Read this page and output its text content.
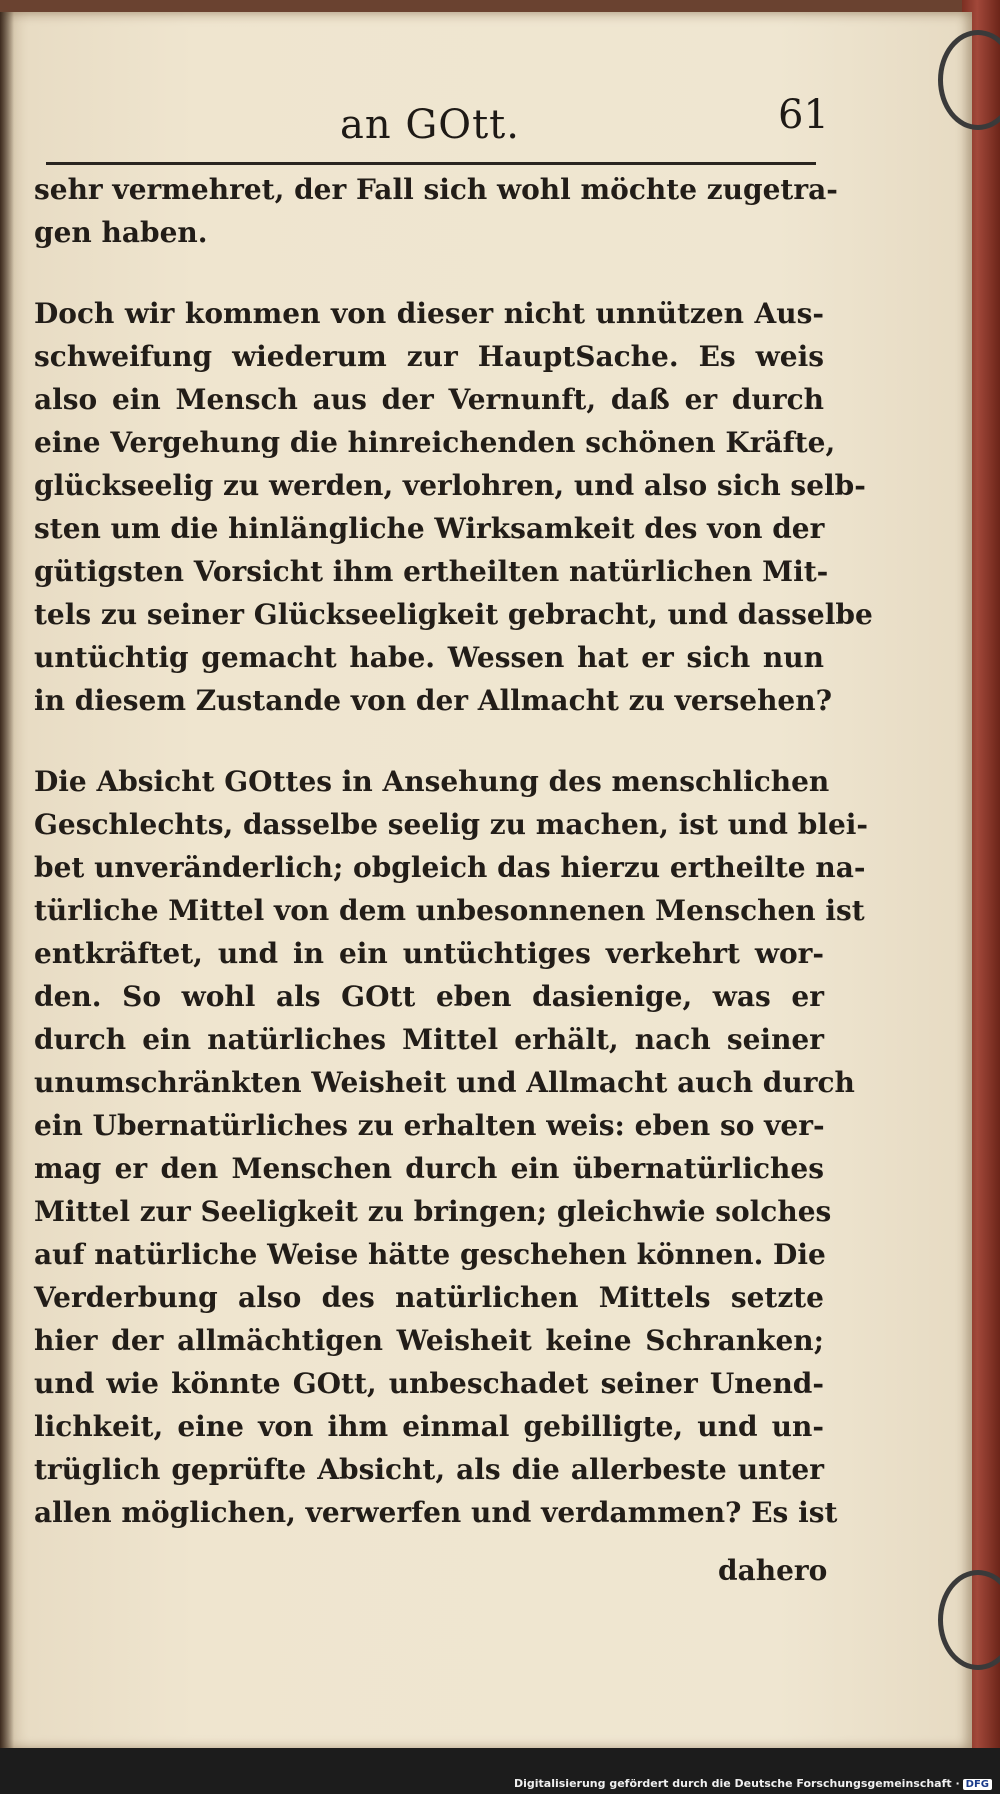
an GOtt.	61
sehr vermehret, der Fall sich wohl möchte zugetra-
gen haben.
Doch wir kommen von dieser nicht unnützen Aus-
schweifung wiederum zur HauptSache. Es weis
also ein Mensch aus der Vernunft, daß er durch
eine Vergehung die hinreichenden schönen Kräfte,
glückseelig zu werden, verlohren, und also sich selb-
sten um die hinlängliche Wirksamkeit des von der
gütigsten Vorsicht ihm ertheilten natürlichen Mit-
tels zu seiner Glückseeligkeit gebracht, und dasselbe
untüchtig gemacht habe. Wessen hat er sich nun
in diesem Zustande von der Allmacht zu versehen?
Die Absicht GOttes in Ansehung des menschlichen
Geschlechts, dasselbe seelig zu machen, ist und blei-
bet unveränderlich; obgleich das hierzu ertheilte na-
türliche Mittel von dem unbesonnenen Menschen ist
entkräftet, und in ein untüchtiges verkehrt wor-
den. So wohl als GOtt eben dasienige, was er
durch ein natürliches Mittel erhält, nach seiner
unumschränkten Weisheit und Allmacht auch durch
ein Ubernatürliches zu erhalten weis: eben so ver-
mag er den Menschen durch ein übernatürliches
Mittel zur Seeligkeit zu bringen; gleichwie solches
auf natürliche Weise hätte geschehen können. Die
Verderbung also des natürlichen Mittels setzte
hier der allmächtigen Weisheit keine Schranken;
und wie könnte GOtt, unbeschadet seiner Unend-
lichkeit, eine von ihm einmal gebilligte, und un-
trüglich geprüfte Absicht, als die allerbeste unter
allen möglichen, verwerfen und verdammen? Es ist
dahero
Digitalisierung gefördert durch die Deutsche Forschungsgemeinschaft · DFG
